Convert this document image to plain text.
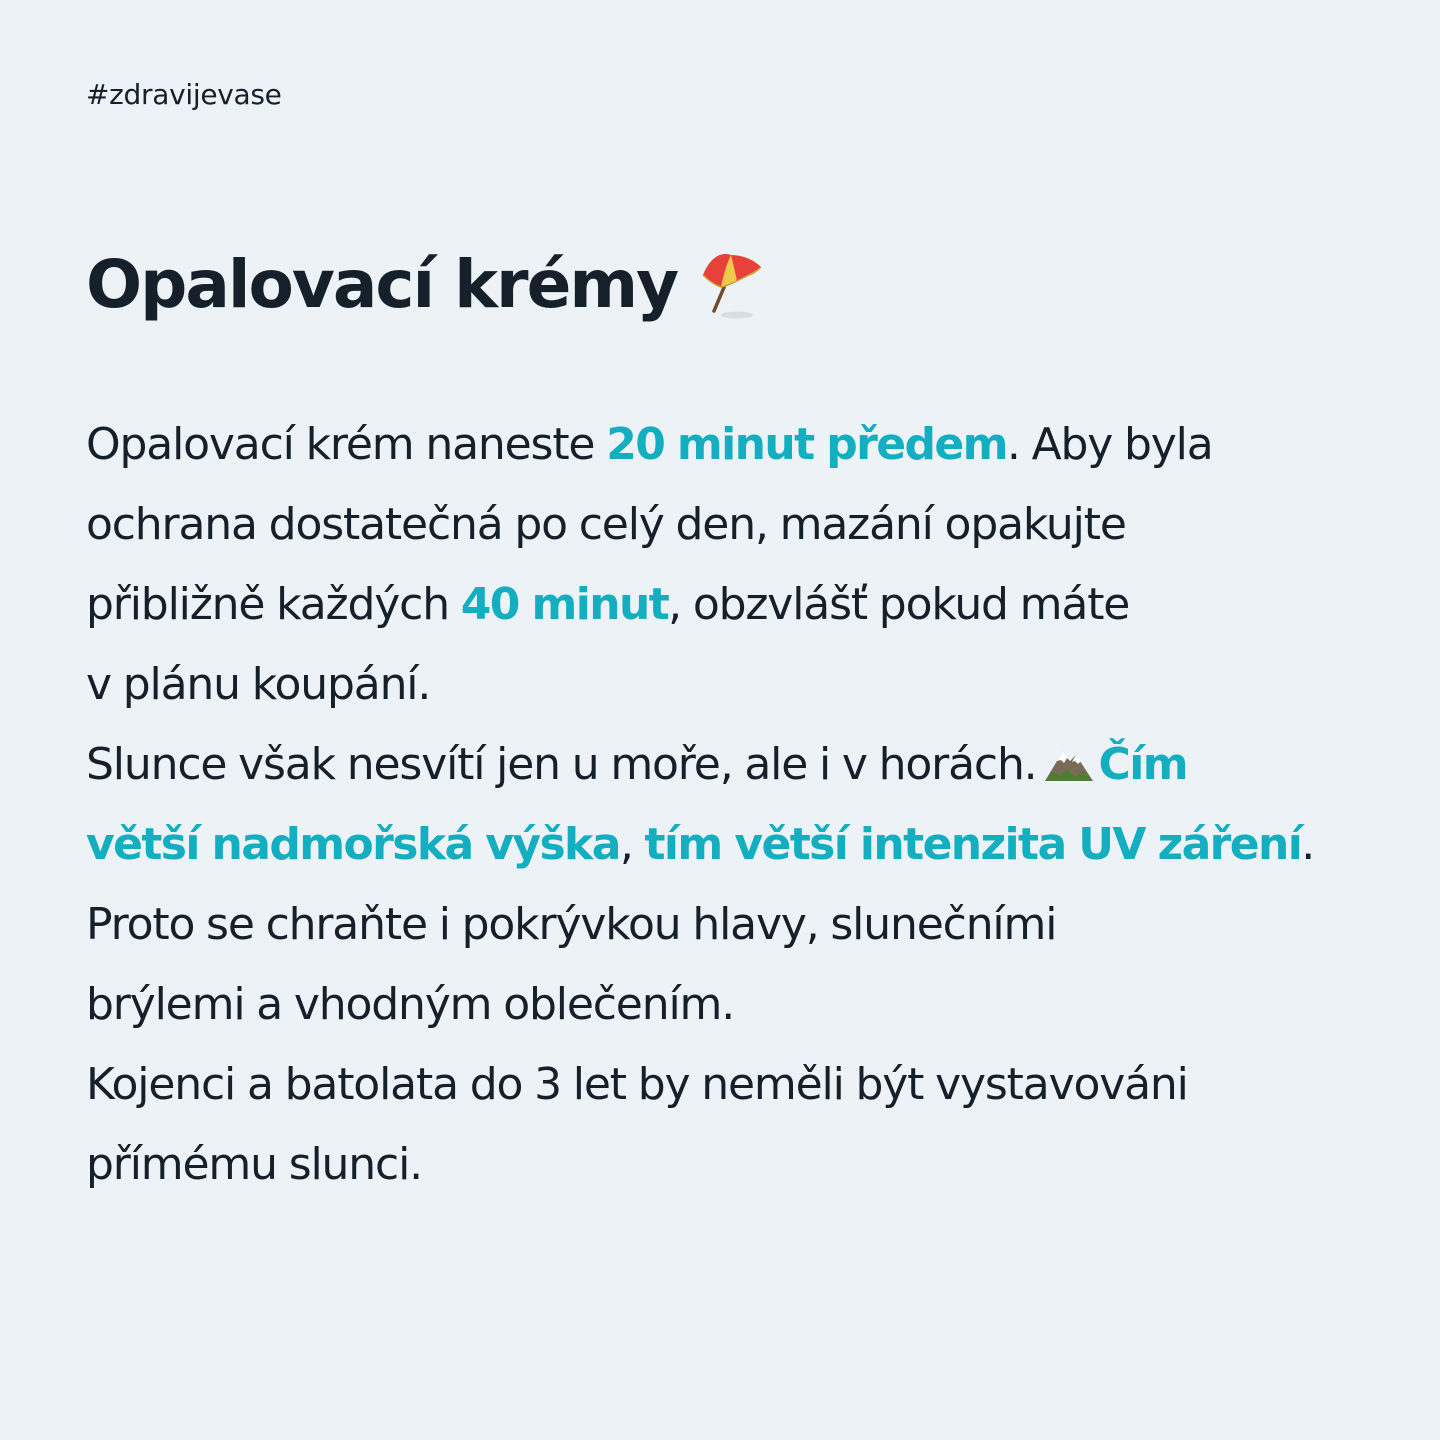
#zdravijevase
Opalovací krémy
Opalovací krém naneste 20 minut předem. Aby byla
ochrana dostatečná po celý den, mazání opakujte
přibližně každých 40 minut, obzvlášť pokud máte
v plánu koupání.
Slunce však nesvítí jen u moře, ale i v horách. Čím
větší nadmořská výška, tím větší intenzita UV záření.
Proto se chraňte i pokrývkou hlavy, slunečními
brýlemi a vhodným oblečením.
Kojenci a batolata do 3 let by neměli být vystavováni
přímému slunci.
